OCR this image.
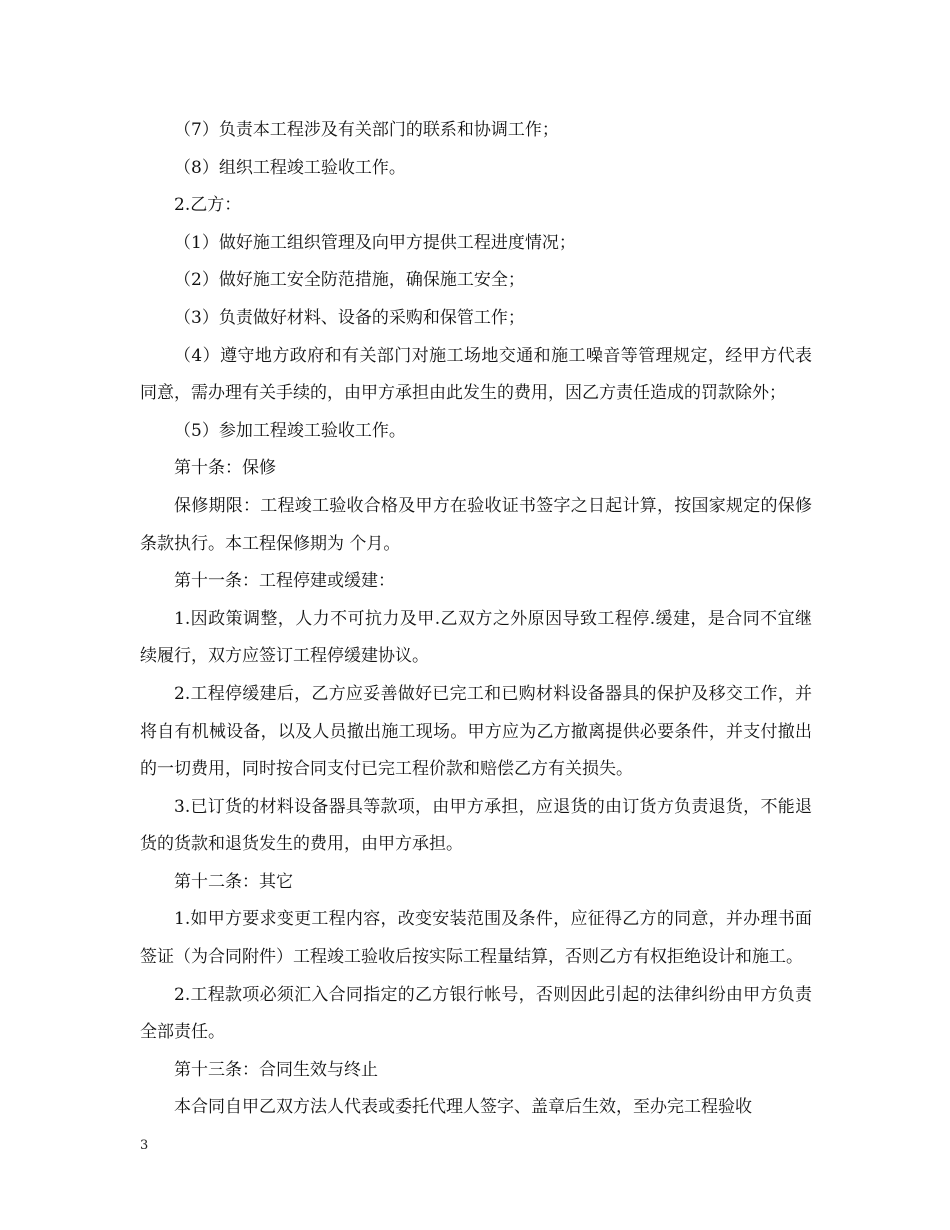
（7）负责本工程涉及有关部门的联系和协调工作；

（8）组织工程竣工验收工作。

2.乙方：

（1）做好施工组织管理及向甲方提供工程进度情况；

（2）做好施工安全防范措施，确保施工安全；

（3）负责做好材料、设备的采购和保管工作；

（4）遵守地方政府和有关部门对施工场地交通和施工噪音等管理规定，经甲方代表同意，需办理有关手续的，由甲方承担由此发生的费用，因乙方责任造成的罚款除外；

（5）参加工程竣工验收工作。

第十条：保修

保修期限：工程竣工验收合格及甲方在验收证书签字之日起计算，按国家规定的保修条款执行。本工程保修期为 个月。

第十一条：工程停建或缓建：

1.因政策调整，人力不可抗力及甲.乙双方之外原因导致工程停.缓建，是合同不宜继续履行，双方应签订工程停缓建协议。

2.工程停缓建后，乙方应妥善做好已完工和已购材料设备器具的保护及移交工作，并将自有机械设备，以及人员撤出施工现场。甲方应为乙方撤离提供必要条件，并支付撤出的一切费用，同时按合同支付已完工程价款和赔偿乙方有关损失。

3.已订货的材料设备器具等款项，由甲方承担，应退货的由订货方负责退货，不能退货的货款和退货发生的费用，由甲方承担。

第十二条：其它

1.如甲方要求变更工程内容，改变安装范围及条件，应征得乙方的同意，并办理书面签证（为合同附件）工程竣工验收后按实际工程量结算，否则乙方有权拒绝设计和施工。

2.工程款项必须汇入合同指定的乙方银行帐号，否则因此引起的法律纠纷由甲方负责全部责任。

第十三条：合同生效与终止

本合同自甲乙双方法人代表或委托代理人签字、盖章后生效，至办完工程验收

3
